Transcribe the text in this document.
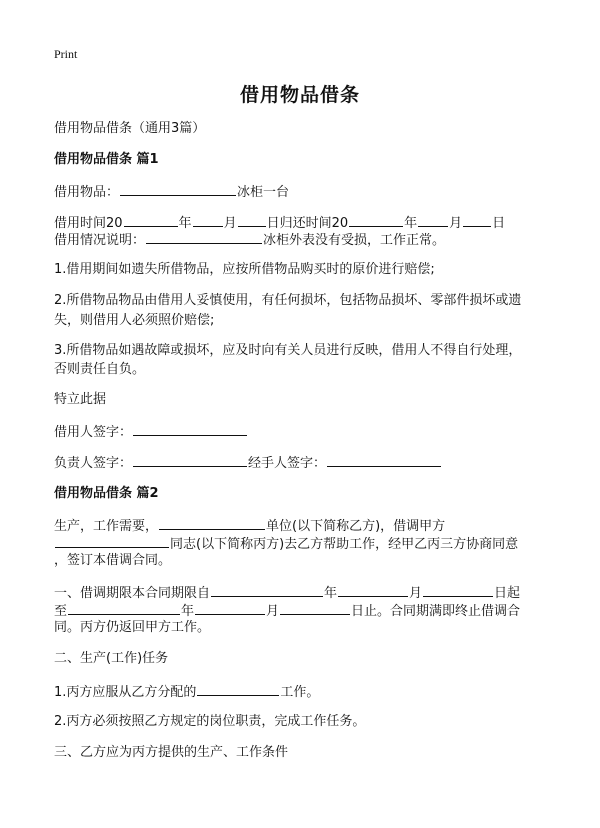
Print
借用物品借条
借用物品借条（通用3篇）
借用物品借条 篇1
借用物品：	冰柜一台
借用时间20	年 月 日归还时间20	年 月 日
借用情况说明：	冰柜外表没有受损，工作正常。
1.借用期间如遗失所借物品，应按所借物品购买时的原价进行赔偿;
2.所借物品物品由借用人妥慎使用，有任何损坏，包括物品损坏、零部件损坏或遗
失，则借用人必须照价赔偿;
3.所借物品如遇故障或损坏，应及时向有关人员进行反映，借用人不得自行处理，
否则责任自负。
特立此据
借用人签字：
负责人签字：	经手人签字：
借用物品借条 篇2
生产，工作需要，	单位(以下简称乙方)，借调甲方
同志(以下简称丙方)去乙方帮助工作，经甲乙丙三方协商同意
，签订本借调合同。
一、借调期限本合同期限自	年	月	日起
至	年	月	日止。合同期满即终止借调合
同。丙方仍返回甲方工作。
二、生产(工作)任务
1.丙方应服从乙方分配的	工作。
2.丙方必须按照乙方规定的岗位职责，完成工作任务。
三、乙方应为丙方提供的生产、工作条件
